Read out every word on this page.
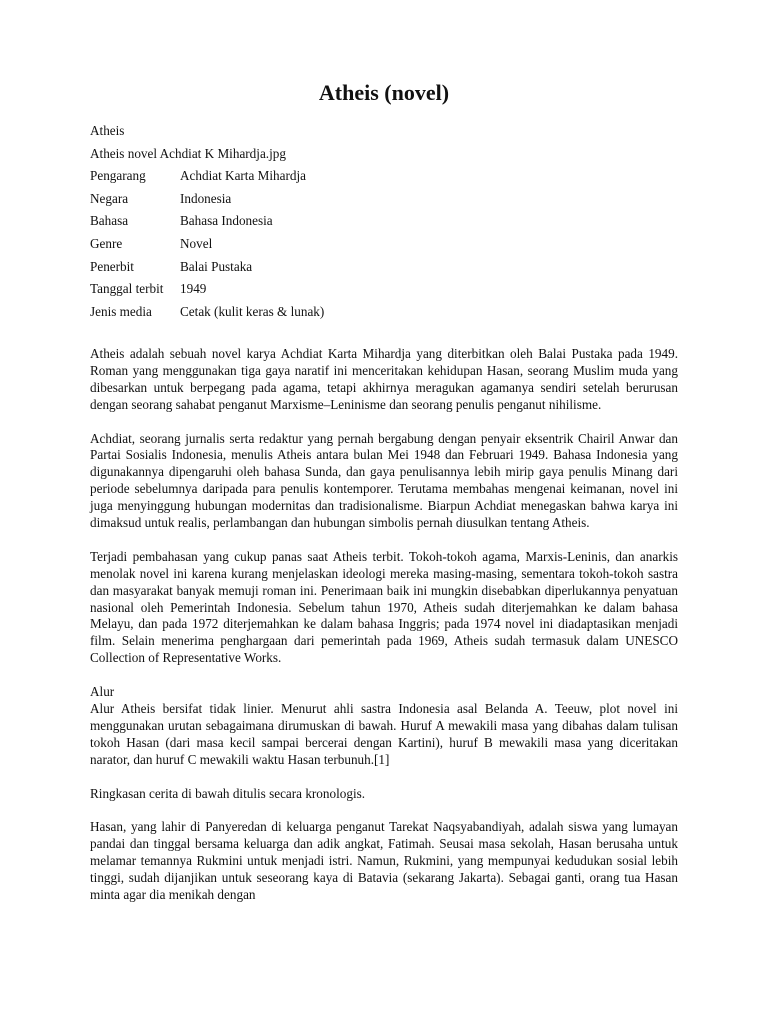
Atheis (novel)

Atheis

Atheis novel Achdiat K Mihardja.jpg

Pengarang	Achdiat Karta Mihardja
Negara	Indonesia
Bahasa	Bahasa Indonesia
Genre	Novel
Penerbit	Balai Pustaka
Tanggal terbit	1949
Jenis media	Cetak (kulit keras & lunak)

Atheis adalah sebuah novel karya Achdiat Karta Mihardja yang diterbitkan oleh Balai Pustaka pada 1949. Roman yang menggunakan tiga gaya naratif ini menceritakan kehidupan Hasan, seorang Muslim muda yang dibesarkan untuk berpegang pada agama, tetapi akhirnya meragukan agamanya sendiri setelah berurusan dengan seorang sahabat penganut Marxisme–Leninisme dan seorang penulis penganut nihilisme.

Achdiat, seorang jurnalis serta redaktur yang pernah bergabung dengan penyair eksentrik Chairil Anwar dan Partai Sosialis Indonesia, menulis Atheis antara bulan Mei 1948 dan Februari 1949. Bahasa Indonesia yang digunakannya dipengaruhi oleh bahasa Sunda, dan gaya penulisannya lebih mirip gaya penulis Minang dari periode sebelumnya daripada para penulis kontemporer. Terutama membahas mengenai keimanan, novel ini juga menyinggung hubungan modernitas dan tradisionalisme. Biarpun Achdiat menegaskan bahwa karya ini dimaksud untuk realis, perlambangan dan hubungan simbolis pernah diusulkan tentang Atheis.

Terjadi pembahasan yang cukup panas saat Atheis terbit. Tokoh-tokoh agama, Marxis-Leninis, dan anarkis menolak novel ini karena kurang menjelaskan ideologi mereka masing-masing, sementara tokoh-tokoh sastra dan masyarakat banyak memuji roman ini. Penerimaan baik ini mungkin disebabkan diperlukannya penyatuan nasional oleh Pemerintah Indonesia. Sebelum tahun 1970, Atheis sudah diterjemahkan ke dalam bahasa Melayu, dan pada 1972 diterjemahkan ke dalam bahasa Inggris; pada 1974 novel ini diadaptasikan menjadi film. Selain menerima penghargaan dari pemerintah pada 1969, Atheis sudah termasuk dalam UNESCO Collection of Representative Works.

Alur

Alur Atheis bersifat tidak linier. Menurut ahli sastra Indonesia asal Belanda A. Teeuw, plot novel ini menggunakan urutan sebagaimana dirumuskan di bawah. Huruf A mewakili masa yang dibahas dalam tulisan tokoh Hasan (dari masa kecil sampai bercerai dengan Kartini), huruf B mewakili masa yang diceritakan narator, dan huruf C mewakili waktu Hasan terbunuh.[1]

Ringkasan cerita di bawah ditulis secara kronologis.

Hasan, yang lahir di Panyeredan di keluarga penganut Tarekat Naqsyabandiyah, adalah siswa yang lumayan pandai dan tinggal bersama keluarga dan adik angkat, Fatimah. Seusai masa sekolah, Hasan berusaha untuk melamar temannya Rukmini untuk menjadi istri. Namun, Rukmini, yang mempunyai kedudukan sosial lebih tinggi, sudah dijanjikan untuk seseorang kaya di Batavia (sekarang Jakarta). Sebagai ganti, orang tua Hasan minta agar dia menikah dengan
